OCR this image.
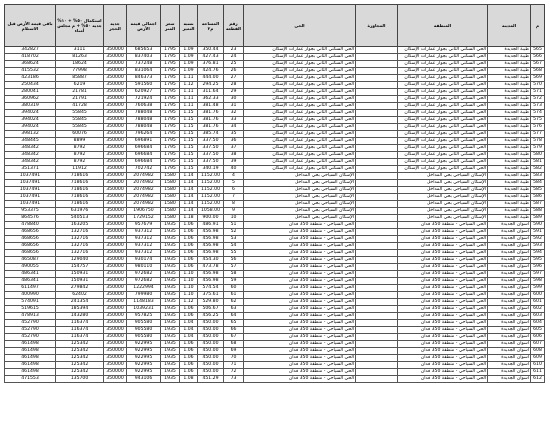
م	المدينة	المنطقة	المجاورة	الحي	رقم القطعة	المساحة م٢	نسبة التميز	سعر المتر	اجمالى قيمة الأرض	جدية الحجز	استكمال ٥٠% + ١٠% جدية ٥٠% + م مجلس أمناء	باقى قيمة الأرض قبل الاستلام
565	طيبة الجديدة	الحي السكني الثاني بجوار عمارات الإسكان		الحي السكني الثاني بجوار عمارات الإسكان	23	350.44	1.09	1795	685653	350000	3111	342827
566	طيبة الجديدة	الحي السكني الثاني بجوار عمارات الإسكان		الحي السكني الثاني بجوار عمارات الإسكان	24	427.43	1.09	1795	837403	350000	81263	418702
567	طيبة الجديدة	الحي السكني الثاني بجوار عمارات الإسكان		الحي السكني الثاني بجوار عمارات الإسكان	25	376.81	1.09	1795	737248	350000	18624	368624
568	طيبة الجديدة	الحي السكني الثاني بجوار عمارات الإسكان		الحي السكني الثاني بجوار عمارات الإسكان	26	424.76	1.09	1795	831064	350000	77998	415532
569	طيبة الجديدة	الحي السكني الثاني بجوار عمارات الإسكان		الحي السكني الثاني بجوار عمارات الإسكان	27	444.00	1.11	1795	846373	350000	85887	423186
570	طيبة الجديدة	الحي السكني الثاني بجوار عمارات الإسكان		الحي السكني الثاني بجوار عمارات الإسكان	28	294.25	1.12	1795	591560	350000	6219	250434
571	طيبة الجديدة	الحي السكني الثاني بجوار عمارات الإسكان		الحي السكني الثاني بجوار عمارات الإسكان	29	311.64	1.11	1795	620927	350000	21781	280041
572	طيبة الجديدة	الحي السكني الثاني بجوار عمارات الإسكان		الحي السكني الثاني بجوار عمارات الإسكان	30	362.33	1.11	1795	721924	350000	21791	360962
573	طيبة الجديدة	الحي السكني الثاني بجوار عمارات الإسكان		الحي السكني الثاني بجوار عمارات الإسكان	31	381.48	1.11	1795	760638	350000	41728	380319
574	طيبة الجديدة	الحي السكني الثاني بجوار عمارات الإسكان		الحي السكني الثاني بجوار عمارات الإسكان	32	381.76	1.15	1795	788048	350000	55845	394024
575	طيبة الجديدة	الحي السكني الثاني بجوار عمارات الإسكان		الحي السكني الثاني بجوار عمارات الإسكان	33	381.76	1.15	1795	788048	350000	55845	394024
576	طيبة الجديدة	الحي السكني الثاني بجوار عمارات الإسكان		الحي السكني الثاني بجوار عمارات الإسكان	34	381.76	1.15	1795	788048	350000	55845	394024
577	طيبة الجديدة	الحي السكني الثاني بجوار عمارات الإسكان		الحي السكني الثاني بجوار عمارات الإسكان	35	385.74	1.15	1795	796264	350000	60076	398132
578	طيبة الجديدة	الحي السكني الثاني بجوار عمارات الإسكان		الحي السكني الثاني بجوار عمارات الإسكان	36	337.50	1.15	1795	696891	350000	8899	348445
579	طيبة الجديدة	الحي السكني الثاني بجوار عمارات الإسكان		الحي السكني الثاني بجوار عمارات الإسكان	37	337.50	1.15	1795	696684	350000	8792	348342
580	طيبة الجديدة	الحي السكني الثاني بجوار عمارات الإسكان		الحي السكني الثاني بجوار عمارات الإسكان	38	337.50	1.15	1795	696684	350000	8792	348342
581	طيبة الجديدة	الحي السكني الثاني بجوار عمارات الإسكان		الحي السكني الثاني بجوار عمارات الإسكان	39	337.50	1.15	1795	696684	350000	8792	348342
582	طيبة الجديدة	الحي السكني الثاني بجوار عمارات الإسكان		الحي السكني الثاني بجوار عمارات الإسكان	40	340.19	1.15	1795	702742	350000	11912	351371
583	طيبة الجديدة	الإسكان السياحي بحي المداخل		الإسكان السياحي بحي المداخل	4	1152.00	1.14	1580	2074982	350000	718616	1037491
584	طيبة الجديدة	الإسكان السياحي بحي المداخل		الإسكان السياحي بحي المداخل	5	1152.00	1.14	1580	2074982	350000	718616	1037491
585	طيبة الجديدة	الإسكان السياحي بحي المداخل		الإسكان السياحي بحي المداخل	6	1152.00	1.14	1580	2074982	350000	718616	1037491
586	طيبة الجديدة	الإسكان السياحي بحي المداخل		الإسكان السياحي بحي المداخل	7	1152.00	1.14	1580	2074982	350000	718616	1037491
587	طيبة الجديدة	الإسكان السياحي بحي المداخل		الإسكان السياحي بحي المداخل	8	1152.00	1.14	1580	2074982	350000	718616	1037491
588	طيبة الجديدة	الإسكان السياحي بحي المداخل		الإسكان السياحي بحي المداخل	9	1058.00	1.14	1580	1906750	350000	631976	953375
589	طيبة الجديدة	الإسكان السياحي بحي المداخل		الإسكان السياحي بحي المداخل	10	900.00	1.18	1580	1729152	350000	540513	864576
590	أسوان الجديدة	الحي السياحي - منطقة 350 فدان		الحي السياحي - منطقة 350 فدان	51	486.91	1.06	1935	957679	350000	163205	478840
591	أسوان الجديدة	الحي السياحي - منطقة 350 فدان		الحي السياحي - منطقة 350 فدان	52	456.98	1.06	1935	937312	350000	132716	468656
592	أسوان الجديدة	الحي السياحي - منطقة 350 فدان		الحي السياحي - منطقة 350 فدان	53	456.98	1.06	1935	937312	350000	132716	468656
593	أسوان الجديدة	الحي السياحي - منطقة 350 فدان		الحي السياحي - منطقة 350 فدان	54	456.98	1.06	1935	937312	350000	132716	468656
594	أسوان الجديدة	الحي السياحي - منطقة 350 فدان		الحي السياحي - منطقة 350 فدان	55	456.98	1.06	1935	937312	350000	132716	468656
595	أسوان الجديدة	الحي السياحي - منطقة 350 فدان		الحي السياحي - منطقة 350 فدان	56	454.30	1.06	1935	930174	350000	129040	465087
596	أسوان الجديدة	الحي السياحي - منطقة 350 فدان		الحي السياحي - منطقة 350 فدان	57	473.78	1.06	1935	980110	350000	154757	490055
597	أسوان الجديدة	الحي السياحي - منطقة 350 فدان		الحي السياحي - منطقة 350 فدان	58	456.98	1.10	1935	972682	350000	150931	486341
598	أسوان الجديدة	الحي السياحي - منطقة 350 فدان		الحي السياحي - منطقة 350 فدان	59	456.98	1.10	1935	972682	350000	150931	486341
599	أسوان الجديدة	الحي السياحي - منطقة 350 فدان		الحي السياحي - منطقة 350 فدان	60	574.54	1.10	1935	1222994	350000	279842	611497
600	أسوان الجديدة	الحي السياحي - منطقة 350 فدان		الحي السياحي - منطقة 350 فدان	61	375.61	1.10	1935	799980	350000	62402	400990
601	أسوان الجديدة	الحي السياحي - منطقة 350 فدان		الحي السياحي - منطقة 350 فدان	62	529.80	1.12	1935	1148183	350000	241354	574091
602	أسوان الجديدة	الحي السياحي - منطقة 350 فدان		الحي السياحي - منطقة 350 فدان	63	506.67	1.06	1935	1039231	350000	185394	519615
603	أسوان الجديدة	الحي السياحي - منطقة 350 فدان		الحي السياحي - منطقة 350 فدان	64	456.25	1.06	1935	957825	350000	143280	478913
604	أسوان الجديدة	الحي السياحي - منطقة 350 فدان		الحي السياحي - منطقة 350 فدان	65	450.00	1.04	1935	905580	350000	116374	452790
605	أسوان الجديدة	الحي السياحي - منطقة 350 فدان		الحي السياحي - منطقة 350 فدان	66	450.00	1.04	1935	905580	350000	116374	452790
606	أسوان الجديدة	الحي السياحي - منطقة 350 فدان		الحي السياحي - منطقة 350 فدان	67	450.00	1.04	1935	905580	350000	116374	452790
607	أسوان الجديدة	الحي السياحي - منطقة 350 فدان		الحي السياحي - منطقة 350 فدان	68	450.00	1.06	1935	922995	350000	125342	461498
608	أسوان الجديدة	الحي السياحي - منطقة 350 فدان		الحي السياحي - منطقة 350 فدان	69	450.00	1.06	1935	922995	350000	125342	461498
609	أسوان الجديدة	الحي السياحي - منطقة 350 فدان		الحي السياحي - منطقة 350 فدان	70	450.00	1.06	1935	922995	350000	125342	461498
610	أسوان الجديدة	الحي السياحي - منطقة 350 فدان		الحي السياحي - منطقة 350 فدان	71	450.00	1.06	1935	922995	350000	125342	461498
611	أسوان الجديدة	الحي السياحي - منطقة 350 فدان		الحي السياحي - منطقة 350 فدان	72	450.00	1.06	1935	922995	350000	125342	461498
612	أسوان الجديدة	الحي السياحي - منطقة 350 فدان		الحي السياحي - منطقة 350 فدان	73	451.29	1.08	1935	943106	350000	135700	471553
